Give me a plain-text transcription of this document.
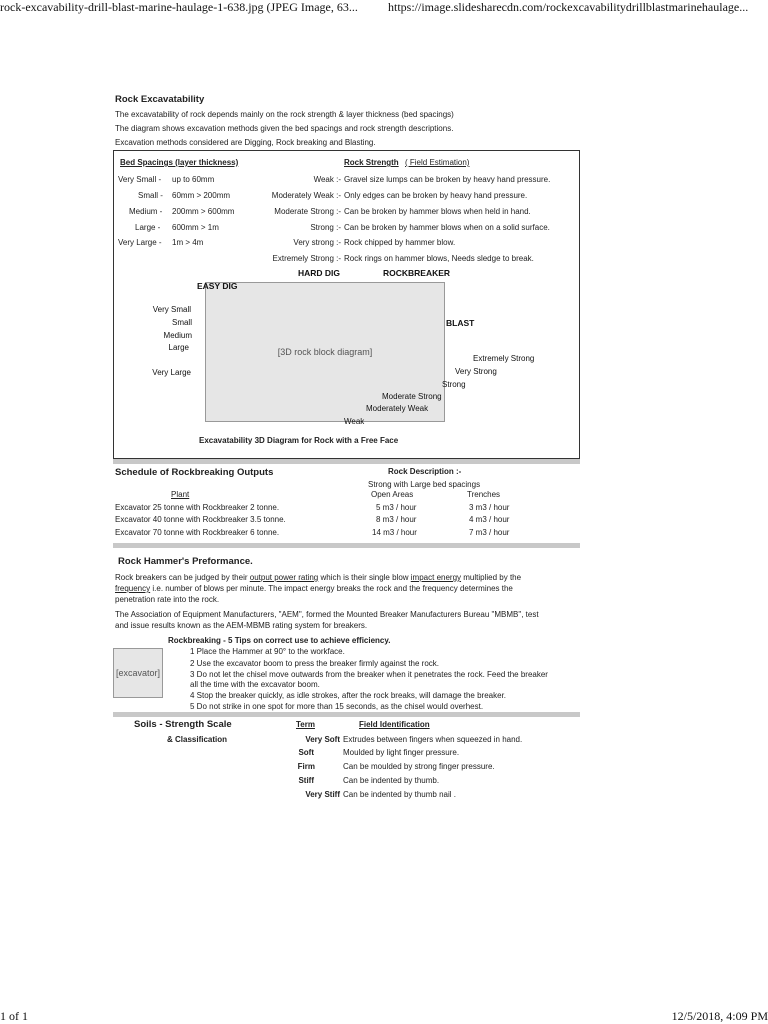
rock-excavability-drill-blast-marine-haulage-1-638.jpg (JPEG Image, 63...	https://image.slidesharecdn.com/rockexcavabilitydrillblastmarinehaulage...
Rock Excavatability
The excavatability of rock depends mainly on the rock strength & layer thickness (bed spacings)
The diagram shows excavation methods given the bed spacings and rock strength descriptions.
Excavation methods considered are Digging, Rock breaking and Blasting.
Bed Spacings (layer thickness)
Very Small - up to 60mm
Small - 60mm > 200mm
Medium - 200mm > 600mm
Large - 600mm > 1m
Very Large - 1m > 4m
Rock Strength ( Field Estimation)
Weak :- Gravel size lumps can be broken by heavy hand pressure.
Moderately Weak :- Only edges can be broken by heavy hand pressure.
Moderate Strong :- Can be broken by hammer blows when held in hand.
Strong :- Can be broken by hammer blows when on a solid surface.
Very strong :- Rock chipped by hammer blow.
Extremely Strong :- Rock rings on hammer blows, Needs sledge to break.
[3D rock block diagram]
HARD DIG	ROCKBREAKER
EASY DIG
BLAST
Very Small
Small
Medium
Large
Very Large
Extremely Strong
Very Strong
Strong
Moderate Strong
Moderately Weak
Weak
Excavatability 3D Diagram for Rock with a Free Face
Schedule of Rockbreaking Outputs	Rock Description :-
Strong with Large bed spacings
Plant	Open Areas	Trenches
Excavator 25 tonne with Rockbreaker 2 tonne.	5 m3 / hour	3 m3 / hour
Excavator 40 tonne with Rockbreaker 3.5 tonne.	8 m3 / hour	4 m3 / hour
Excavator 70 tonne with Rockbreaker 6 tonne.	14 m3 / hour	7 m3 / hour
Rock Hammer's Preformance.
Rock breakers can be judged by their output power rating which is their single blow impact energy multiplied by the
frequency i.e. number of blows per minute. The impact energy breaks the rock and the frequency determines the
penetration rate into the rock.
The Association of Equipment Manufacturers, "AEM", formed the Mounted Breaker Manufacturers Bureau "MBMB", test
and issue results known as the AEM-MBMB rating system for breakers.
[excavator]
Rockbreaking - 5 Tips on correct use to achieve efficiency.
1 Place the Hammer at 90° to the workface.
2 Use the excavator boom to press the breaker firmly against the rock.
3 Do not let the chisel move outwards from the breaker when it penetrates the rock. Feed the breaker
all the time with the excavator boom.
4 Stop the breaker quickly, as idle strokes, after the rock breaks, will damage the breaker.
5 Do not strike in one spot for more than 15 seconds, as the chisel would overhest.
Soils - Strength Scale
& Classification
Term	Field Identification
Very Soft Extrudes between fingers when squeezed in hand.
Soft	Moulded by light finger pressure.
Firm	Can be moulded by strong finger pressure.
Stiff	Can be indented by thumb.
Very Stiff Can be indented by thumb nail .
1 of 1	12/5/2018, 4:09 PM
